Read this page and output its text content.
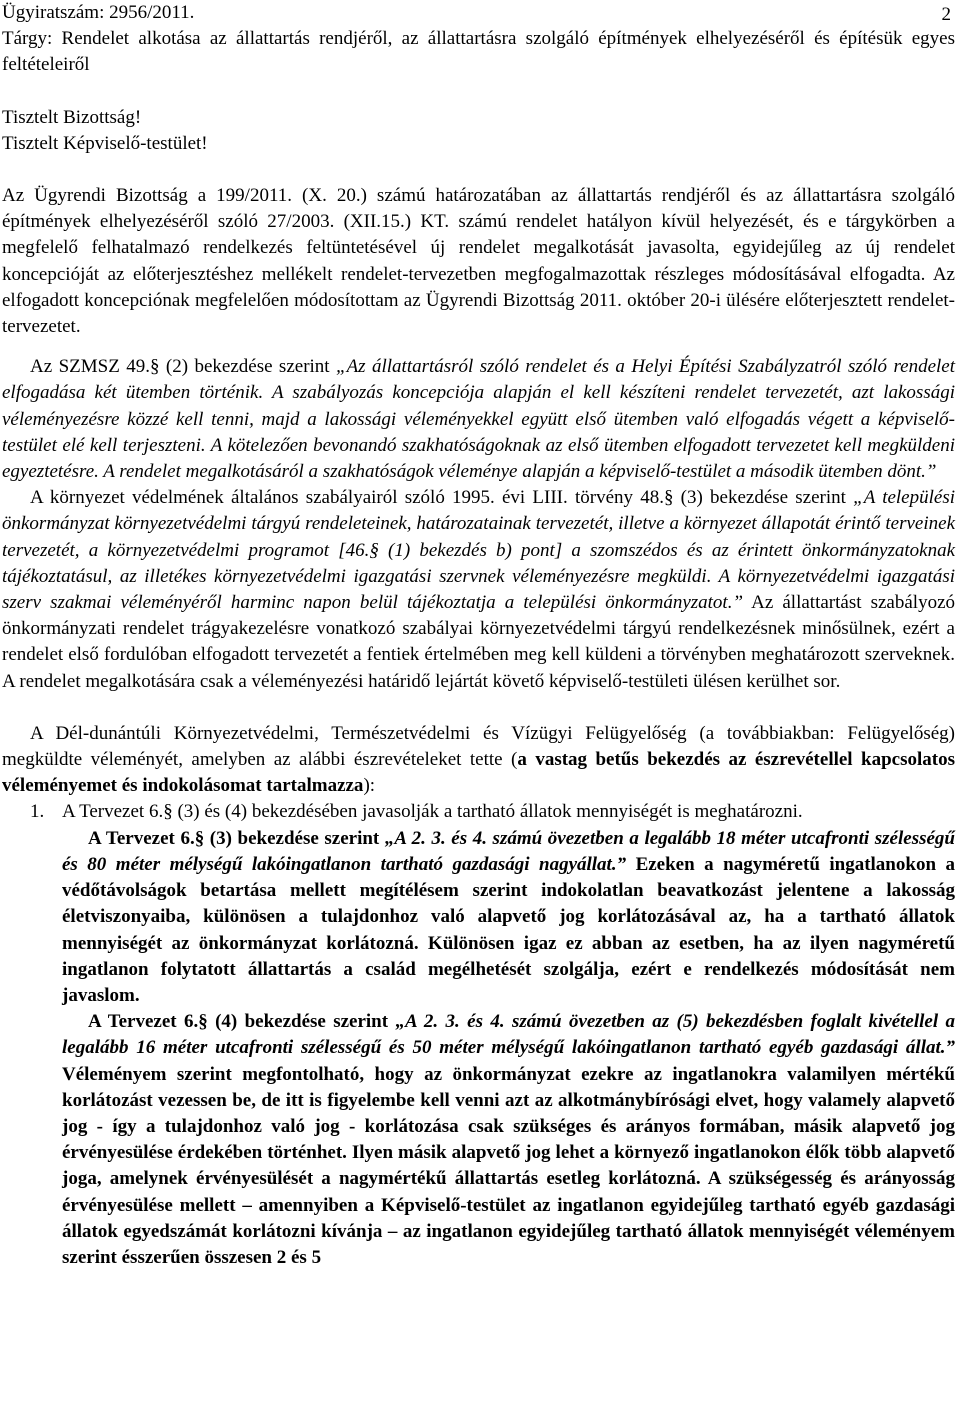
2

Ügyiratszám: 2956/2011.

Tárgy: Rendelet alkotása az állattartás rendjéről, az állattartásra szolgáló építmények elhelyezéséről és építésük egyes feltételeiről

Tisztelt Bizottság!

Tisztelt Képviselő-testület!

Az Ügyrendi Bizottság a 199/2011. (X. 20.) számú határozatában az állattartás rendjéről és az állattartásra szolgáló építmények elhelyezéséről szóló 27/2003. (XII.15.) KT. számú rendelet hatályon kívül helyezését, és e tárgykörben a megfelelő felhatalmazó rendelkezés feltüntetésével új rendelet megalkotását javasolta, egyidejűleg az új rendelet koncepcióját az előterjesztéshez mellékelt rendelet-tervezetben megfogalmazottak részleges módosításával elfogadta. Az elfogadott koncepciónak megfelelően módosítottam az Ügyrendi Bizottság 2011. október 20-i ülésére előterjesztett rendelet-tervezetet.

Az SZMSZ 49.§ (2) bekezdése szerint „Az állattartásról szóló rendelet és a Helyi Építési Szabályzatról szóló rendelet elfogadása két ütemben történik. A szabályozás koncepciója alapján el kell készíteni rendelet tervezetét, azt lakossági véleményezésre közzé kell tenni, majd a lakossági véleményekkel együtt első ütemben való elfogadás végett a képviselő-testület elé kell terjeszteni. A kötelezően bevonandó szakhatóságoknak az első ütemben elfogadott tervezetet kell megküldeni egyeztetésre. A rendelet megalkotásáról a szakhatóságok véleménye alapján a képviselő-testület a második ütemben dönt.”

A környezet védelmének általános szabályairól szóló 1995. évi LIII. törvény 48.§ (3) bekezdése szerint „A települési önkormányzat környezetvédelmi tárgyú rendeleteinek, határozatainak tervezetét, illetve a környezet állapotát érintő terveinek tervezetét, a környezetvédelmi programot [46.§ (1) bekezdés b) pont] a szomszédos és az érintett önkormányzatoknak tájékoztatásul, az illetékes környezetvédelmi igazgatási szervnek véleményezésre megküldi. A környezetvédelmi igazgatási szerv szakmai véleményéről harminc napon belül tájékoztatja a települési önkormányzatot.” Az állattartást szabályozó önkormányzati rendelet trágyakezelésre vonatkozó szabályai környezetvédelmi tárgyú rendelkezésnek minősülnek, ezért a rendelet első fordulóban elfogadott tervezetét a fentiek értelmében meg kell küldeni a törvényben meghatározott szerveknek. A rendelet megalkotására csak a véleményezési határidő lejártát követő képviselő-testületi ülésen kerülhet sor.

A Dél-dunántúli Környezetvédelmi, Természetvédelmi és Vízügyi Felügyelőség (a továbbiakban: Felügyelőség) megküldte véleményét, amelyben az alábbi észrevételeket tette (a vastag betűs bekezdés az észrevétellel kapcsolatos véleményemet és indokolásomat tartalmazza):

1. A Tervezet 6.§ (3) és (4) bekezdésében javasolják a tartható állatok mennyiségét is meghatározni.

A Tervezet 6.§ (3) bekezdése szerint „A 2. 3. és 4. számú övezetben a legalább 18 méter utcafronti szélességű és 80 méter mélységű lakóingatlanon tartható gazdasági nagyállat.” Ezeken a nagyméretű ingatlanokon a védőtávolságok betartása mellett megítélésem szerint indokolatlan beavatkozást jelentene a lakosság életviszonyaiba, különösen a tulajdonhoz való alapvető jog korlátozásával az, ha a tartható állatok mennyiségét az önkormányzat korlátozná. Különösen igaz ez abban az esetben, ha az ilyen nagyméretű ingatlanon folytatott állattartás a család megélhetését szolgálja, ezért e rendelkezés módosítását nem javaslom.

A Tervezet 6.§ (4) bekezdése szerint „A 2. 3. és 4. számú övezetben az (5) bekezdésben foglalt kivétellel a legalább 16 méter utcafronti szélességű és 50 méter mélységű lakóingatlanon tartható egyéb gazdasági állat.” Véleményem szerint megfontolható, hogy az önkormányzat ezekre az ingatlanokra valamilyen mértékű korlátozást vezessen be, de itt is figyelembe kell venni azt az alkotmánybírósági elvet, hogy valamely alapvető jog - így a tulajdonhoz való jog - korlátozása csak szükséges és arányos formában, másik alapvető jog érvényesülése érdekében történhet. Ilyen másik alapvető jog lehet a környező ingatlanokon élők több alapvető joga, amelynek érvényesülését a nagymértékű állattartás esetleg korlátozná. A szükségesség és arányosság érvényesülése mellett – amennyiben a Képviselő-testület az ingatlanon egyidejűleg tartható egyéb gazdasági állatok egyedszámát korlátozni kívánja – az ingatlanon egyidejűleg tartható állatok mennyiségét véleményem szerint ésszerűen összesen 2 és 5
